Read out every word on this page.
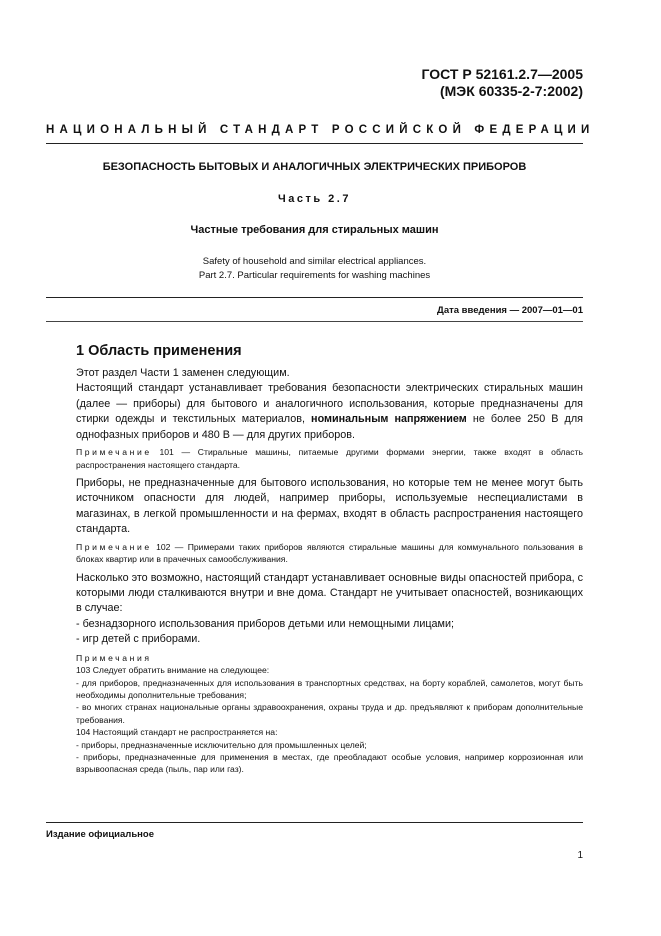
ГОСТ Р 52161.2.7—2005
(МЭК 60335-2-7:2002)
НАЦИОНАЛЬНЫЙ СТАНДАРТ РОССИЙСКОЙ ФЕДЕРАЦИИ
БЕЗОПАСНОСТЬ БЫТОВЫХ И АНАЛОГИЧНЫХ ЭЛЕКТРИЧЕСКИХ ПРИБОРОВ
Часть 2.7
Частные требования для стиральных машин
Safety of household and similar electrical appliances.
Part 2.7. Particular requirements for washing machines
Дата введения — 2007—01—01
1 Область применения

Этот раздел Части 1 заменен следующим.

Настоящий стандарт устанавливает требования безопасности электрических стиральных машин (далее — приборы) для бытового и аналогичного использования, которые предназначены для стирки одежды и текстильных материалов, номинальным напряжением не более 250 В для однофазных приборов и 480 В — для других приборов.

Примечание 101 — Стиральные машины, питаемые другими формами энергии, также входят в область распространения настоящего стандарта.

Приборы, не предназначенные для бытового использования, но которые тем не менее могут быть источником опасности для людей, например приборы, используемые неспециалистами в магазинах, в легкой промышленности и на фермах, входят в область распространения настоящего стандарта.

Примечание 102 — Примерами таких приборов являются стиральные машины для коммунального пользования в блоках квартир или в прачечных самообслуживания.

Насколько это возможно, настоящий стандарт устанавливает основные виды опасностей прибора, с которыми люди сталкиваются внутри и вне дома. Стандарт не учитывает опасностей, возникающих в случае:

- безнадзорного использования приборов детьми или немощными лицами;

- игр детей с приборами.

Примечания

103 Следует обратить внимание на следующее:

- для приборов, предназначенных для использования в транспортных средствах, на борту кораблей, самолетов, могут быть необходимы дополнительные требования;

- во многих странах национальные органы здравоохранения, охраны труда и др. предъявляют к приборам дополнительные требования.

104 Настоящий стандарт не распространяется на:

- приборы, предназначенные исключительно для промышленных целей;

- приборы, предназначенные для применения в местах, где преобладают особые условия, например коррозионная или взрывоопасная среда (пыль, пар или газ).

Издание официальное
1
